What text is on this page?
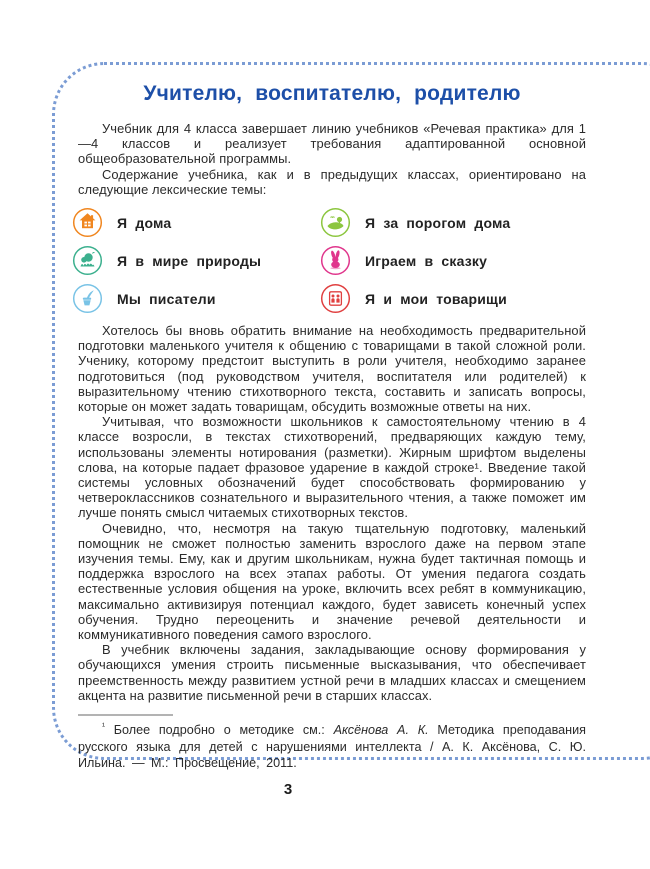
Учителю, воспитателю, родителю

Учебник для 4 класса завершает линию учебников «Речевая практика» для 1—4 классов и реализует требования адаптированной основной общеобразовательной программы.

Содержание учебника, как и в предыдущих классах, ориентировано на следующие лексические темы:

Я дома	Я за порогом дома
Я в мире природы	Играем в сказку
Мы писатели	Я и мои товарищи

Хотелось бы вновь обратить внимание на необходимость предварительной подготовки маленького учителя к общению с товарищами в такой сложной роли. Ученику, которому предстоит выступить в роли учителя, необходимо заранее подготовиться (под руководством учителя, воспитателя или родителей) к выразительному чтению стихотворного текста, составить и записать вопросы, которые он может задать товарищам, обсудить возможные ответы на них.

Учитывая, что возможности школьников к самостоятельному чтению в 4 классе возросли, в текстах стихотворений, предваряющих каждую тему, использованы элементы нотирования (разметки). Жирным шрифтом выделены слова, на которые падает фразовое ударение в каждой строке¹. Введение такой системы условных обозначений будет способствовать формированию у четвероклассников сознательного и выразительного чтения, а также поможет им лучше понять смысл читаемых стихотворных текстов.

Очевидно, что, несмотря на такую тщательную подготовку, маленький помощник не сможет полностью заменить взрослого даже на первом этапе изучения темы. Ему, как и другим школьникам, нужна будет тактичная помощь и поддержка взрослого на всех этапах работы. От умения педагога создать естественные условия общения на уроке, включить всех ребят в коммуникацию, максимально активизируя потенциал каждого, будет зависеть конечный успех обучения. Трудно переоценить и значение речевой деятельности и коммуникативного поведения самого взрослого.

В учебник включены задания, закладывающие основу формирования у обучающихся умения строить письменные высказывания, что обеспечивает преемственность между развитием устной речи в младших классах и смещением акцента на развитие письменной речи в старших классах.

$^{^1}$ Более подробно о методике см.: Аксёнова А. К. Методика преподавания русского языка для детей с нарушениями интеллекта / А. К. Аксёнова, С. Ю. Ильина. — М.: Просвещение, 2011.

3
